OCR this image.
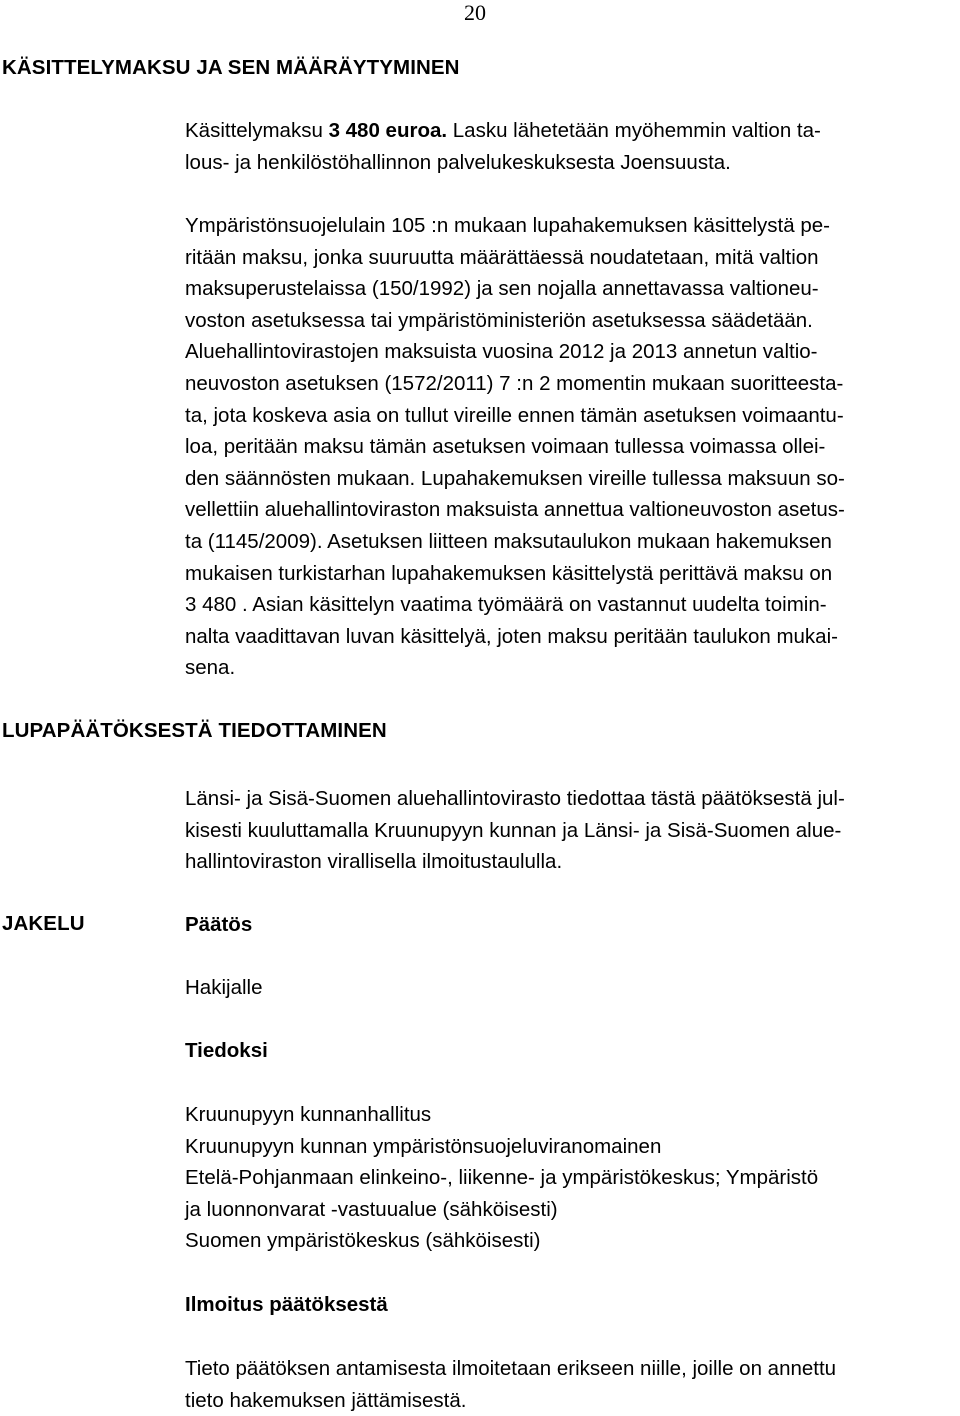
20
KÄSITTELYMAKSU JA SEN MÄÄRÄYTYMINEN
Käsittelymaksu 3 480 euroa. Lasku lähetetään myöhemmin valtion ta-
lous- ja henkilöstöhallinnon palvelukeskuksesta Joensuusta.
Ympäristönsuojelulain 105 :n mukaan lupahakemuksen käsittelystä pe-
ritään maksu, jonka suuruutta määrättäessä noudatetaan, mitä valtion
maksuperustelaissa (150/1992) ja sen nojalla annettavassa valtioneu-
voston asetuksessa tai ympäristöministeriön asetuksessa säädetään.
Aluehallintovirastojen maksuista vuosina 2012 ja 2013 annetun valtio-
neuvoston asetuksen (1572/2011) 7 :n 2 momentin mukaan suoritteesta-
ta, jota koskeva asia on tullut vireille ennen tämän asetuksen voimaantu-
loa, peritään maksu tämän asetuksen voimaan tullessa voimassa ollei-
den säännösten mukaan. Lupahakemuksen vireille tullessa maksuun so-
vellettiin aluehallintoviraston maksuista annettua valtioneuvoston asetus-
ta (1145/2009). Asetuksen liitteen maksutaulukon mukaan hakemuksen
mukaisen turkistarhan lupahakemuksen käsittelystä perittävä maksu on
3 480 . Asian käsittelyn vaatima työmäärä on vastannut uudelta toimin-
nalta vaadittavan luvan käsittelyä, joten maksu peritään taulukon mukai-
sena.
LUPAPÄÄTÖKSESTÄ TIEDOTTAMINEN
Länsi- ja Sisä-Suomen aluehallintovirasto tiedottaa tästä päätöksestä jul-
kisesti kuuluttamalla Kruunupyyn kunnan ja Länsi- ja Sisä-Suomen alue-
hallintoviraston virallisella ilmoitustaululla.
JAKELU	Päätös
Hakijalle
Tiedoksi
Kruunupyyn kunnanhallitus
Kruunupyyn kunnan ympäristönsuojeluviranomainen
Etelä-Pohjanmaan elinkeino-, liikenne- ja ympäristökeskus; Ympäristö
ja luonnonvarat -vastuualue (sähköisesti)
Suomen ympäristökeskus (sähköisesti)
Ilmoitus päätöksestä
Tieto päätöksen antamisesta ilmoitetaan erikseen niille, joille on annettu
tieto hakemuksen jättämisestä.
